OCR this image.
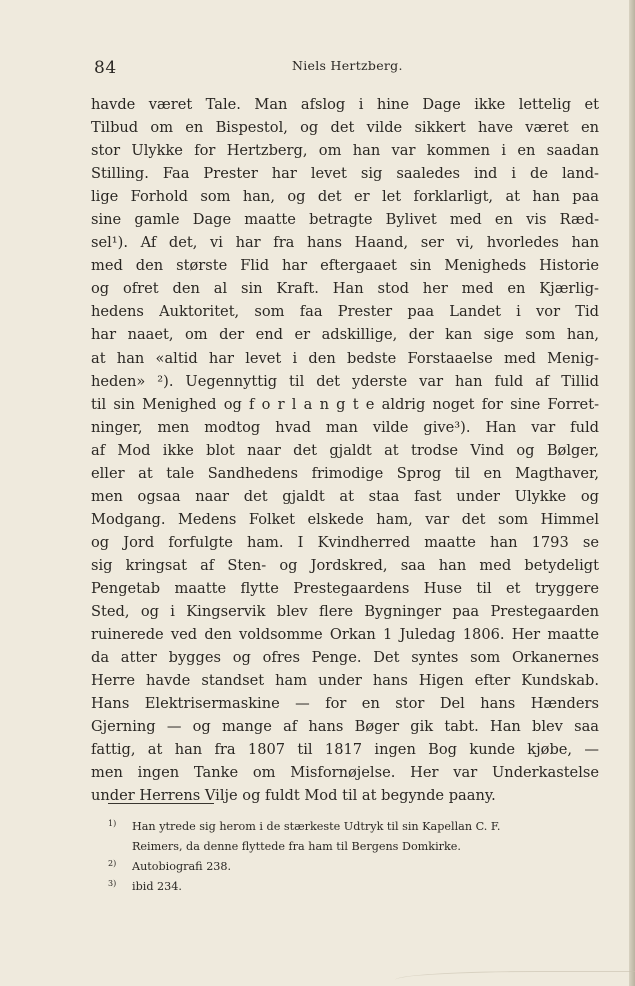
84	Niels Hertzberg.
havde været Tale. Man afslog i hine Dage ikke lettelig et
Tilbud om en Bispestol, og det vilde sikkert have været en
stor Ulykke for Hertzberg, om han var kommen i en saadan
Stilling. Faa Prester har levet sig saaledes ind i de land-
lige Forhold som han, og det er let forklarligt, at han paa
sine gamle Dage maatte betragte Bylivet med en vis Ræd-
sel¹). Af det, vi har fra hans Haand, ser vi, hvorledes han
med den største Flid har eftergaaet sin Menigheds Historie
og ofret den al sin Kraft. Han stod her med en Kjærlig-
hedens Auktoritet, som faa Prester paa Landet i vor Tid
har naaet, om der end er adskillige, der kan sige som han,
at han «altid har levet i den bedste Forstaaelse med Menig-
heden» ²). Uegennyttig til det yderste var han fuld af Tillid
til sin Menighed og f o r l a n g t e aldrig noget for sine Forret-
ninger, men modtog hvad man vilde give³). Han var fuld
af Mod ikke blot naar det gjaldt at trodse Vind og Bølger,
eller at tale Sandhedens frimodige Sprog til en Magthaver,
men ogsaa naar det gjaldt at staa fast under Ulykke og
Modgang. Medens Folket elskede ham, var det som Himmel
og Jord forfulgte ham. I Kvindherred maatte han 1793 se
sig kringsat af Sten- og Jordskred, saa han med betydeligt
Pengetab maatte flytte Prestegaardens Huse til et tryggere
Sted, og i Kingservik blev flere Bygninger paa Prestegaarden
ruinerede ved den voldsomme Orkan 1 Juledag 1806. Her maatte
da atter bygges og ofres Penge. Det syntes som Orkanernes
Herre havde standset ham under hans Higen efter Kundskab.
Hans Elektrisermaskine — for en stor Del hans Hænders
Gjerning — og mange af hans Bøger gik tabt. Han blev saa
fattig, at han fra 1807 til 1817 ingen Bog kunde kjøbe, —
men ingen Tanke om Misfornøjelse. Her var Underkastelse
under Herrens Vilje og fuldt Mod til at begynde paany.
1) Han ytrede sig herom i de stærkeste Udtryk til sin Kapellan C. F.
Reimers, da denne flyttede fra ham til Bergens Domkirke.
2) Autobiografi 238.
3) ibid 234.
